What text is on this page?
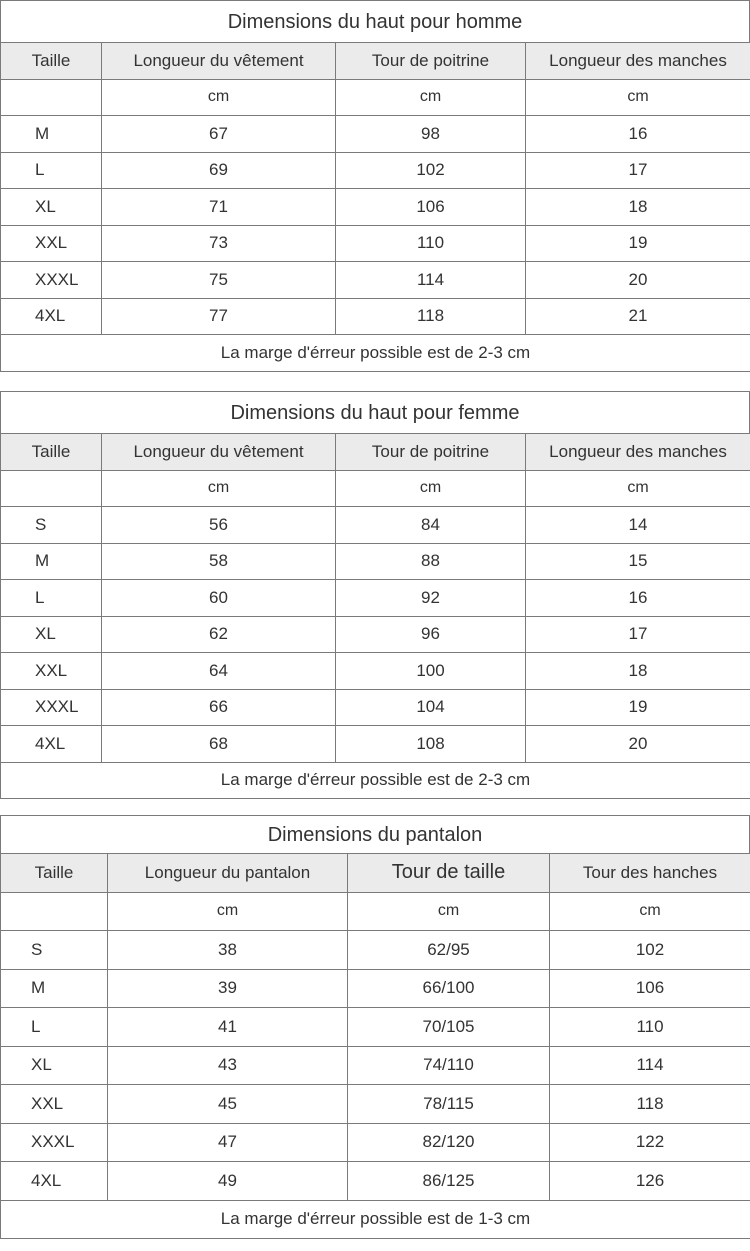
Dimensions du haut pour homme
Taille	Longueur du vêtement	Tour de poitrine	Longueur des manches
	cm	cm	cm
M	67	98	16
L	69	102	17
XL	71	106	18
XXL	73	110	19
XXXL	75	114	20
4XL	77	118	21
La marge d'érreur possible est de 2-3 cm			
Dimensions du haut pour femme
Taille	Longueur du vêtement	Tour de poitrine	Longueur des manches
	cm	cm	cm
S	56	84	14
M	58	88	15
L	60	92	16
XL	62	96	17
XXL	64	100	18
XXXL	66	104	19
4XL	68	108	20
La marge d'érreur possible est de 2-3 cm			
Dimensions du pantalon
Taille	Longueur du pantalon	Tour de taille	Tour des hanches
	cm	cm	cm
S	38	62/95	102
M	39	66/100	106
L	41	70/105	110
XL	43	74/110	114
XXL	45	78/115	118
XXXL	47	82/120	122
4XL	49	86/125	126
La marge d'érreur possible est de 1-3 cm			
